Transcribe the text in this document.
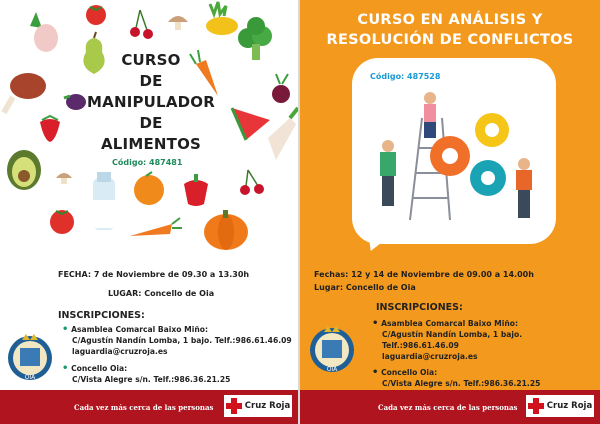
CURSO
DE
MANIPULADOR
DE
ALIMENTOS
Código: 487481
FECHA: 7 de Noviembre de 09.30 a 13.30h
LUGAR: Concello de Oia
INSCRIPCIONES:
• Asamblea Comarcal Baixo Miño:
C/Agustín Nandín Lomba, 1 bajo. Telf.:986.61.46.09
laguardia@cruzroja.es
• Concello Oia:
C/Vista Alegre s/n. Telf.:986.36.21.25
OIA
Cada vez más cerca de las personas	Cruz Roja
CURSO EN ANÁLISIS Y
RESOLUCIÓN DE CONFLICTOS
Código: 487528
Fechas: 12 y 14 de Noviembre de 09.00 a 14.00h
Lugar: Concello de Oia
INSCRIPCIONES:
• Asamblea Comarcal Baixo Miño:
C/Agustín Nandín Lomba, 1 bajo. Telf.:986.61.46.09
laguardia@cruzroja.es
• Concello Oia:
C/Vista Alegre s/n. Telf.:986.36.21.25
OIA
Cada vez más cerca de las personas	Cruz Roja
